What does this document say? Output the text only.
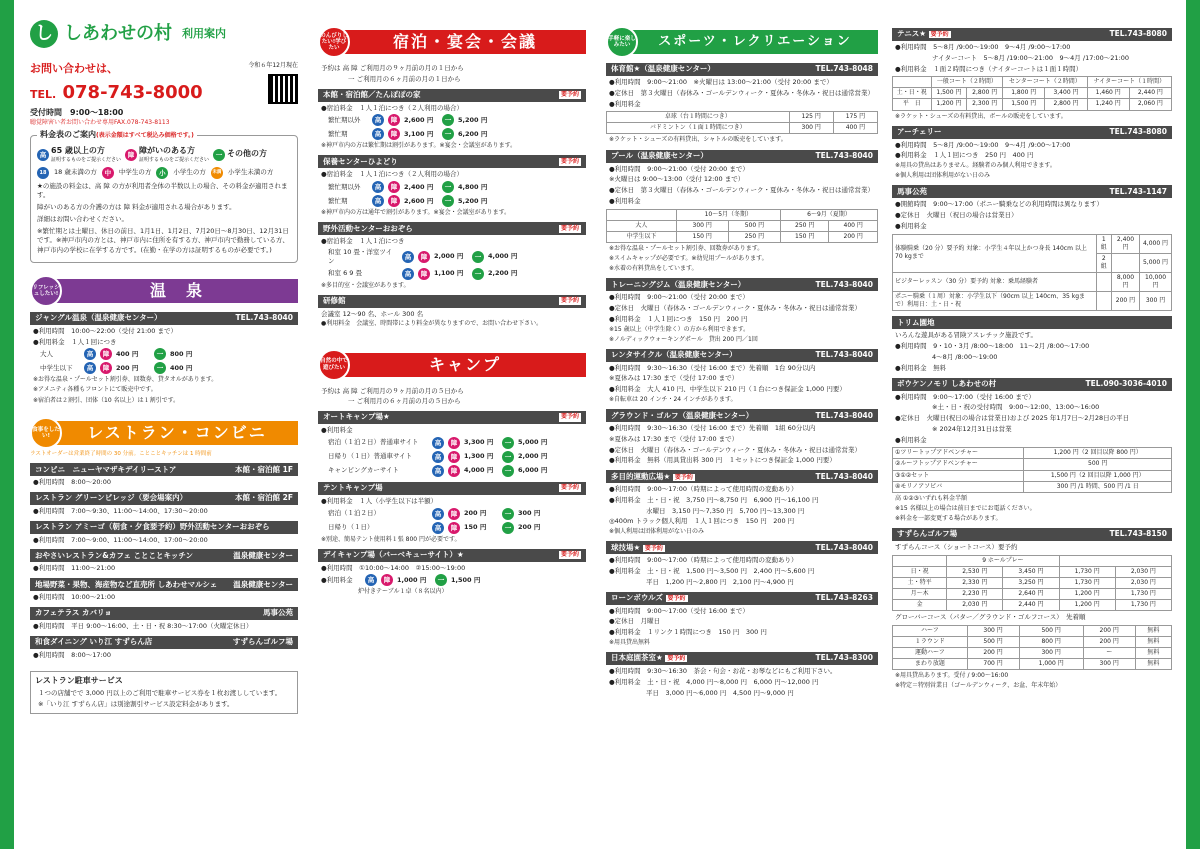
し しあわせの村 利用案内
お問い合わせは、
TEL. 078-743-8000
受付時間　9:00～18:00
聴覚障害い者お問い合わせ専用FAX.078-743-8113
令和６年12月現在
料金表のご案内(表示金額はすべて税込み価格です。)
高 65 歳以上の方
証明するものをご提示ください
障 障がいのある方
証明するものをご提示ください
一 その他の方
18	18 歳未満の方	中	中学生の方	小	小学生の方	未満 小学生未満の方

★の施設の料金は、高 障 の方が利用者全体の半数以上の場合、その料金が適用されます。

障がいのある方の介護の方は 障 料金が適用される場合があります。

詳細はお問い合わせください。

※繁忙期とは土曜日、休日の前日、1月1日、1月2日、7月20日～8月30日、12月31日です。※神戸市内の方とは、神戸市内に住所を有する方、神戸市内で勤務している方、神戸市内の学校に在学する方です。(在勤・在学の方は証明するものが必要です。)

リフレッシュしたい!	温　泉
ジャングル温泉（温泉健康センター）	TEL.743-8040
●利用時間　10:00～22:00（受付 21:00 まで）
●利用料金　１人１回につき
大人	高	障	400 円	一	800 円
中学生以下	高	障	200 円	一	400 円
※お得な温泉・プールセット割引券、回数券、貸タオルがあります。
※アメニティ各種もフロントにて販売中です。
※宿泊者は２割引、団体（10 名以上）は１割引です。
食事をしたい!	レストラン・コンビニ
ラストオーダーは営業終了時間の 30 分前。ことことキッチンは 1 時間前
コンビニ　ニューヤマザキデイリーストア	本館・宿泊館 1F
●利用時間　8:00～20:00
レストラン グリーンビレッジ（要会場案内）	本館・宿泊館 2F
●利用時間　7:00～9:30、11:00～14:00、17:30～20:00
レストラン アミーゴ（朝食・夕食要予約）野外活動センターおおぞら
●利用時間　7:00～9:00、11:00～14:00、17:00～20:00
おやさいレストラン&カフェ ことことキッチン	温泉健康センター
●利用時間　11:00～21:00
地場野菜・果物、海産物など直売所 しあわせマルシェ 温泉健康センター
●利用時間　10:00～21:00
カフェテラス カバリョ	馬事公苑
●利用時間　平日 9:00～16:00、土・日・祝 8:30～17:00（火曜定休日）
和食ダイニング いり江 すずらん店	すずらんゴルフ場
●利用時間　8:00～17:00
レストラン駐車サービス
１つの店舗でで 3,000 円以上のご利用で駐車サービス券を１枚お渡ししています。
※「いり江 すずらん店」は別途割引サービス設定料金があります。
のんびりしたい!学びたい	宿泊・宴会・会議
予約は 高 障 ご利用月の９ヶ月前の月の１日から
一 ご利用月の６ヶ月前の月の１日から
本館・宿泊館／たんぽぽの家	要予約
●宿泊料金　１人１泊につき（２人利用の場合）
繁忙期以外	高	障	2,600 円	一	5,200 円
繁忙期	高	障	3,100 円	一	6,200 円
※神戸市内の方は繁忙期は割引があります。※宴会・会議室があります。
保養センターひよどり	要予約
●宿泊料金　１人１泊につき（２人利用の場合）
繁忙期以外	高	障	2,400 円	一	4,800 円
繁忙期	高	障	2,600 円	一	5,200 円
※神戸市内の方は通年で割引があります。※宴会・会議室があります。
野外活動センターおおぞら	要予約
●宿泊料金　１人１泊につき
和室 10 畳・洋室ツイン	高	障	2,000 円	一	4,000 円
和室 6 9 畳	高	障	1,100 円	一	2,200 円
※多目的室・会議室があります。
研修館	要予約
会議室 12～90 名、ホール 300 名
●利用料金　会議室、時間帯により料金が異なりますので、お問い合わせ下さい。
自然の中で遊びたい	キャンプ
予約は 高 障 ご利用月の９ヶ月前の月の５日から
一 ご利用月の６ヶ月前の月の５日から
オートキャンプ場★	要予約
●利用料金
宿泊（１泊２日）普通車サイト	高	障	3,300 円	一	5,000 円
日帰り（１日）普通車サイト	高	障	1,300 円	一	2,000 円
キャンピングカーサイト	高	障	4,000 円	一	6,000 円
テントキャンプ場	要予約
●利用料金　１人（小学生以下は半額）
宿泊（１泊２日）	高	障	200 円	一	300 円
日帰り（１日）	高	障	150 円	一	200 円
※別途、簡易テント使用料１張 800 円が必要です。
デイキャンプ場（バーベキューサイト）★	要予約
●利用時間　①10:00～14:00　②15:00～19:00
●利用料金	高	障	1,000 円	一	1,500 円
炉付きテーブル１卓（８名以内）
手軽に楽しみたい	スポーツ・レクリエーション
体育館★（温泉健康センター）	TEL.743-8048
●利用時間　9:00～21:00　※火曜日は 13:00～21:00（受付 20:00 まで）
●定休日　第３火曜日（春休み・ゴールデンウィーク・夏休み・冬休み・祝日は通常営業）
●利用料金
卓球（台１時間につき）	125 円	175 円
バドミントン（１面１時間につき）	300 円	400 円
※ラケット・シューズの有料貸出、シャトルの販売をしています。
プール（温泉健康センター）	TEL.743-8040
●利用時間　9:00～21:00（受付 20:00 まで）
※火曜日は 9:00～13:00（受付 12:00 まで）
●定休日　第３火曜日（春休み・ゴールデンウィーク・夏休み・冬休み・祝日は通常営業）
●利用料金
	10～5月（冬期）		6～9月（夏期）	
大人	300 円	500 円	250 円	400 円
中学生以下	150 円	250 円	150 円	200 円
※お得な温泉・プールセット割引券、回数券があります。
※スイムキャップが必要です。※幼児用プールがあります。
※水着の有料貸出をしています。
トレーニングジム（温泉健康センター）	TEL.743-8040
●利用時間　9:00～21:00（受付 20:00 まで）
●定休日　火曜日（春休み・ゴールデンウィーク・夏休み・冬休み・祝日は通常営業）
●利用料金　１人１回につき　150 円　200 円
※15 歳以上（中学生除く）の方から利用できます。
※ノルディックウォーキングポール　貸出 200 円／1回
レンタサイクル（温泉健康センター）	TEL.743-8040
●利用時間　9:30～16:30（受付 16:00 まで）先着順　1台 90分以内
※夏休みは 17:30 まで（受付 17:00 まで）
●利用料金　大人 410 円、中学生以下 210 円（１台につき保証金 1,000 円要）
※自転車は 20 インチ・24 インチがあります。
グラウンド・ゴルフ（温泉健康センター）	TEL.743-8040
●利用時間　9:30～16:30（受付 16:00 まで）先着順　1組 60分以内
※夏休みは 17:30 まで（受付 17:00 まで）
●定休日　火曜日（春休み・ゴールデンウィーク・夏休み・冬休み・祝日は通常営業）
●利用料金　無料（用具貸出料 300 円　１セットにつき保証金 1,000 円要）
多目的運動広場★ 要予約	TEL.743-8040
●利用時間　9:00～17:00（時期によって使用時間の変動あり）
●利用料金　土・日・祝　3,750 円～8,750 円　6,900 円～16,100 円
水曜日　3,150 円～7,350 円　5,700 円～13,300 円
◎400m トラック個人利用　１人１回につき　150 円　200 円
※個人利用は団体利用がない日のみ
球技場★ 要予約	TEL.743-8040
●利用時間　9:00～17:00（時期によって使用時間の変動あり）
●利用料金　土・日・祝　1,500 円～3,500 円　2,400 円～5,600 円
平日　1,200 円～2,800 円　2,100 円～4,900 円
ローンボウルズ 要予約	TEL.743-8263
●利用時間　9:00～17:00（受付 16:00 まで）
●定休日　月曜日
●利用料金　１リンク１時間につき　150 円　300 円
※用具貸出無料
日本庭園茶室★ 要予約	TEL.743-8300
●利用時間　9:30～16:30　茶会・句会・お花・お琴などにもご利用下さい。
●利用料金　土・日・祝　4,000 円～8,000 円　6,000 円～12,000 円
平日　3,000 円～6,000 円　4,500 円～9,000 円
テニス★ 要予約	TEL.743-8080
●利用時間　5～8月 /9:00～19:00　9～4月 /9:00～17:00
ナイターコート　5～8月 /19:00～21:00　9～4月 /17:00～21:00
●利用料金　１面２時間につき（ナイターコートは１面１時間）
	一般コート（２時間）		センターコート（２時間）		ナイターコート（１時間）	
土・日・祝	1,500 円	2,800 円	1,800 円	3,400 円	1,460 円	2,440 円
平　日	1,200 円	2,300 円	1,500 円	2,800 円	1,240 円	2,060 円
※ラケット・シューズの有料貸出、ボールの販売をしています。
アーチェリー	TEL.743-8080
●利用時間　5～8月 /9:00～19:00　9～4月 /9:00～17:00
●利用料金　１人１回につき　250 円　400 円
※用具の貸出はありません。経験者のみ個人利用できます。
※個人利用は団体利用がない日のみ
馬事公苑	TEL.743-1147
●開館時間　9:00～17:00（ポニー騎乗などの利用時間は異なります）
●定休日　火曜日（祝日の場合は営業日）
●利用料金
体験騎乗（20 分）要予約 対象：小学生４年以上かつ身長 140cm 以上 70 kgまで	1 組	2,400 円	4,000 円
	2 組		5,000 円
ビジターレッスン（30 分）要予約 対象：乗馬経験者		8,000 円	10,000 円
ポニー騎乗（１周）対象：小学生以下（90cm 以上 140cm、35 kgまで）利用日：土・日・祝		200 円	300 円
トリム園地
いろんな遊具がある冒険アスレチック施設です。
●利用時間　9・10・3月 /8:00～18:00　11～2月 /8:00～17:00
4～8月 /8:00～19:00
●利用料金　無料
ボウケンノモリ しあわせの村	TEL.090-3036-4010
●利用時間　9:00～17:00（受付 16:00 まで）
※土・日・祝の受付時間　9:00～12:00、13:00～16:00
●定休日　火曜日(祝日の場合は営業日)および 2025 年1月7日～2月28日の平日
※ 2024年12月31日は営業
●利用料金
①ツリートップアドベンチャー	1,200 円（2 回目以降 800 円）
②ルーフトップアドベンチャー	500 円
③①②セット	1,500 円（2 回目以降 1,000 円）
④モリノアソビバ	300 円 /1 時間、500 円 /1 日
高 ①②③いずれも料金半額
※15 名様以上の場合は前日までにお電話ください。
※料金を一部変更する場合があります。
すずらんゴルフ場	TEL.743-8150
すずらんコース（ショートコース）要予約
	9 ホールプレー			
日・祝	2,530 円	3,450 円	1,730 円	2,030 円
土・特平	2,330 円	3,250 円	1,730 円	2,030 円
月～木	2,230 円	2,640 円	1,200 円	1,730 円
金	2,030 円	2,440 円	1,200 円	1,730 円
グローバーコース（パター／グラウンド・ゴルフコース）　先着順
ハーフ	300 円	500 円	200 円	無料
１ラウンド	500 円	800 円	200 円	無料
運動ハーフ	200 円	300 円	ー	無料
まわり放題	700 円	1,000 円	300 円	無料
※用具貸出あります。受付 / 9:00～16:00
※特定＝特別営業日（ゴールデンウィーク、お盆、年末年始）
